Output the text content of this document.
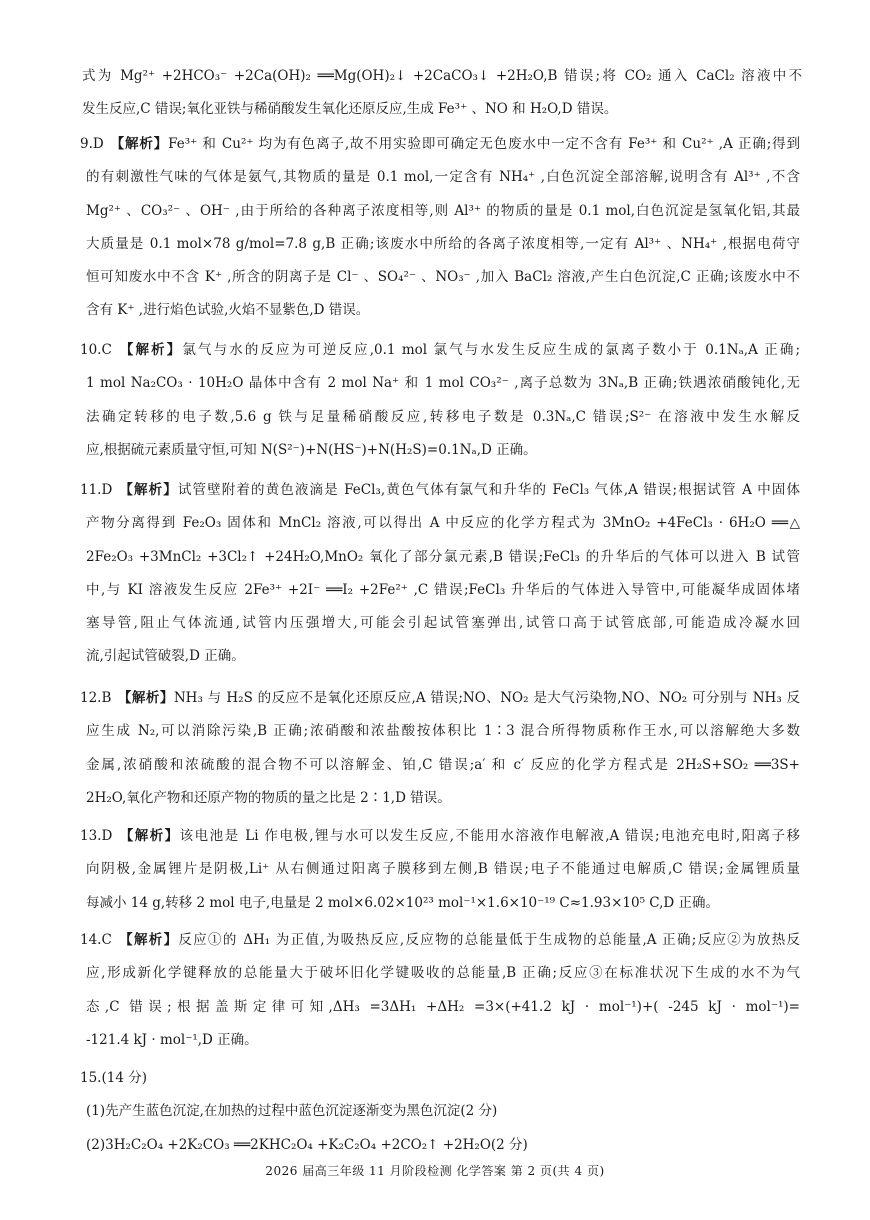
式为 Mg²⁺ +2HCO₃⁻ +2Ca(OH)₂ ══Mg(OH)₂↓ +2CaCO₃↓ +2H₂O,B 错误;将 CO₂ 通入 CaCl₂ 溶液中不
发生反应,C 错误;氧化亚铁与稀硝酸发生氧化还原反应,生成 Fe³⁺ 、NO 和 H₂O,D 错误。
9.D 【解析】Fe³⁺ 和 Cu²⁺ 均为有色离子,故不用实验即可确定无色废水中一定不含有 Fe³⁺ 和 Cu²⁺ ,A 正确;得到
的有刺激性气味的气体是氨气,其物质的量是 0.1 mol,一定含有 NH₄⁺ ,白色沉淀全部溶解,说明含有 Al³⁺ ,不含
Mg²⁺ 、CO₃²⁻ 、OH⁻ ,由于所给的各种离子浓度相等,则 Al³⁺ 的物质的量是 0.1 mol,白色沉淀是氢氧化铝,其最
大质量是 0.1 mol×78 g/mol=7.8 g,B 正确;该废水中所给的各离子浓度相等,一定有 Al³⁺ 、NH₄⁺ ,根据电荷守
恒可知废水中不含 K⁺ ,所含的阴离子是 Cl⁻ 、SO₄²⁻ 、NO₃⁻ ,加入 BaCl₂ 溶液,产生白色沉淀,C 正确;该废水中不
含有 K⁺ ,进行焰色试验,火焰不显紫色,D 错误。
10.C 【解析】氯气与水的反应为可逆反应,0.1 mol 氯气与水发生反应生成的氯离子数小于 0.1Nₐ,A 正确;
1 mol Na₂CO₃ · 10H₂O 晶体中含有 2 mol Na⁺ 和 1 mol CO₃²⁻ ,离子总数为 3Nₐ,B 正确;铁遇浓硝酸钝化,无
法确定转移的电子数,5.6 g 铁与足量稀硝酸反应,转移电子数是 0.3Nₐ,C 错误;S²⁻ 在溶液中发生水解反
应,根据硫元素质量守恒,可知 N(S²⁻)+N(HS⁻)+N(H₂S)=0.1Nₐ,D 正确。
11.D 【解析】试管壁附着的黄色液滴是 FeCl₃,黄色气体有氯气和升华的 FeCl₃ 气体,A 错误;根据试管 A 中固体
产物分离得到 Fe₂O₃ 固体和 MnCl₂ 溶液,可以得出 A 中反应的化学方程式为 3MnO₂ +4FeCl₃ · 6H₂O ══△
2Fe₂O₃ +3MnCl₂ +3Cl₂↑ +24H₂O,MnO₂ 氧化了部分氯元素,B 错误;FeCl₃ 的升华后的气体可以进入 B 试管
中,与 KI 溶液发生反应 2Fe³⁺ +2I⁻ ══I₂ +2Fe²⁺ ,C 错误;FeCl₃ 升华后的气体进入导管中,可能凝华成固体堵
塞导管,阻止气体流通,试管内压强增大,可能会引起试管塞弹出,试管口高于试管底部,可能造成冷凝水回
流,引起试管破裂,D 正确。
12.B 【解析】NH₃ 与 H₂S 的反应不是氧化还原反应,A 错误;NO、NO₂ 是大气污染物,NO、NO₂ 可分别与 NH₃ 反
应生成 N₂,可以消除污染,B 正确;浓硝酸和浓盐酸按体积比 1∶3 混合所得物质称作王水,可以溶解绝大多数
金属,浓硝酸和浓硫酸的混合物不可以溶解金、铂,C 错误;a′ 和 c′ 反应的化学方程式是 2H₂S+SO₂ ══3S+
2H₂O,氧化产物和还原产物的物质的量之比是 2∶1,D 错误。
13.D 【解析】该电池是 Li 作电极,锂与水可以发生反应,不能用水溶液作电解液,A 错误;电池充电时,阳离子移
向阴极,金属锂片是阴极,Li⁺ 从右侧通过阳离子膜移到左侧,B 错误;电子不能通过电解质,C 错误;金属锂质量
每减小 14 g,转移 2 mol 电子,电量是 2 mol×6.02×10²³ mol⁻¹×1.6×10⁻¹⁹ C≈1.93×10⁵ C,D 正确。
14.C 【解析】反应①的 ΔH₁ 为正值,为吸热反应,反应物的总能量低于生成物的总能量,A 正确;反应②为放热反
应,形成新化学键释放的总能量大于破坏旧化学键吸收的总能量,B 正确;反应③在标准状况下生成的水不为气
态,C 错误;根据盖斯定律可知,ΔH₃ =3ΔH₁ +ΔH₂ =3×(+41.2 kJ · mol⁻¹)+( -245 kJ · mol⁻¹)=
-121.4 kJ · mol⁻¹,D 正确。
15.(14 分)
(1)先产生蓝色沉淀,在加热的过程中蓝色沉淀逐渐变为黑色沉淀(2 分)
(2)3H₂C₂O₄ +2K₂CO₃ ══2KHC₂O₄ +K₂C₂O₄ +2CO₂↑ +2H₂O(2 分)
2026 届高三年级 11 月阶段检测 化学答案 第 2 页(共 4 页)
